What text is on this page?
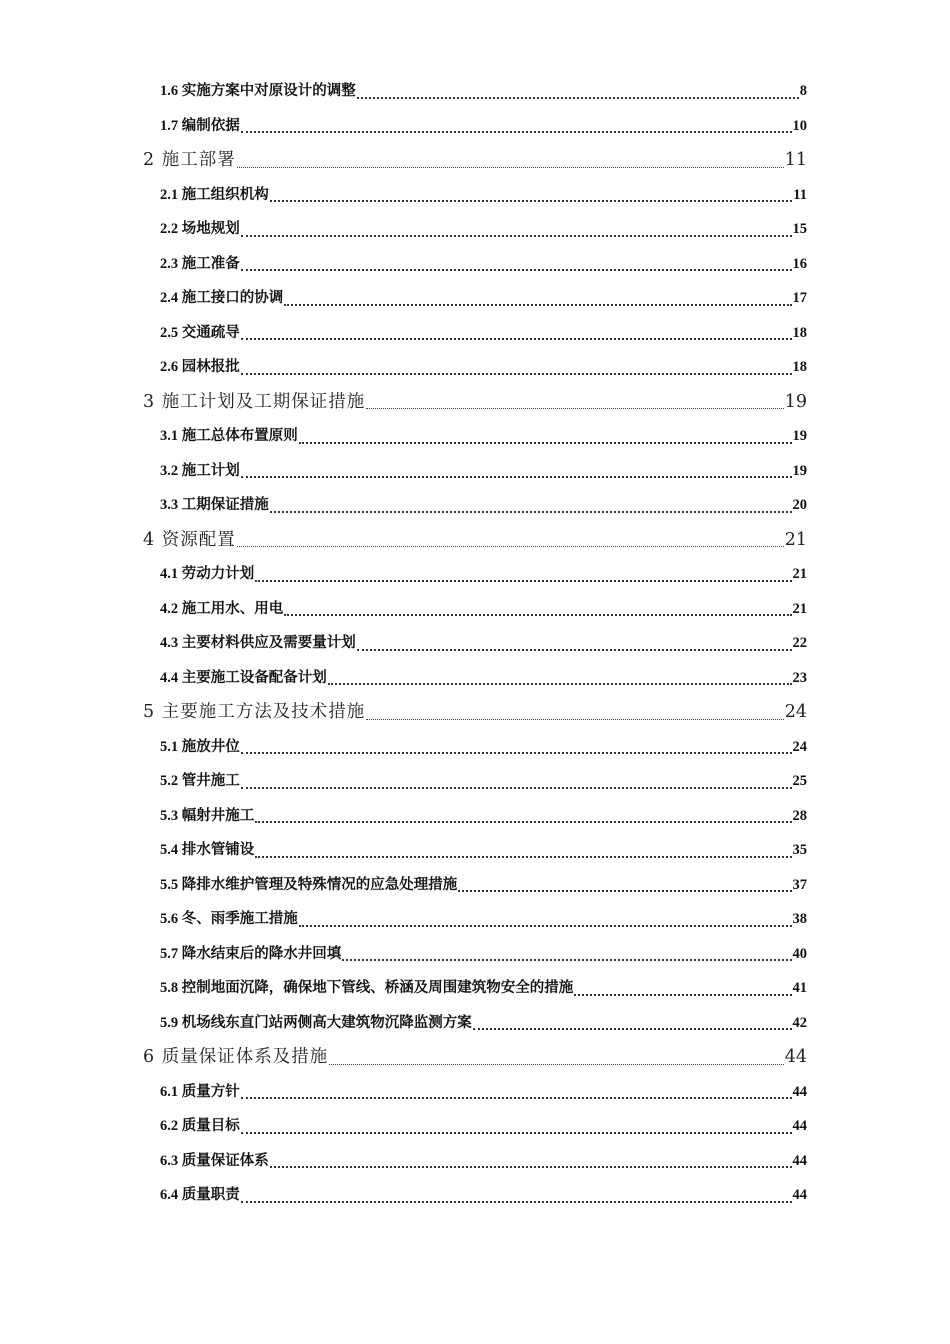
1.6 实施方案中对原设计的调整	8
1.7 编制依据	10
2 施工部署	11
2.1 施工组织机构	11
2.2 场地规划	15
2.3 施工准备	16
2.4 施工接口的协调	17
2.5 交通疏导	18
2.6 园林报批	18
3 施工计划及工期保证措施	19
3.1 施工总体布置原则	19
3.2 施工计划	19
3.3 工期保证措施	20
4 资源配置	21
4.1 劳动力计划	21
4.2 施工用水、用电	21
4.3 主要材料供应及需要量计划	22
4.4 主要施工设备配备计划	23
5 主要施工方法及技术措施	24
5.1 施放井位	24
5.2 管井施工	25
5.3 幅射井施工	28
5.4 排水管铺设	35
5.5 降排水维护管理及特殊情况的应急处理措施	37
5.6 冬、雨季施工措施	38
5.7 降水结束后的降水井回填	40
5.8 控制地面沉降，确保地下管线、桥涵及周围建筑物安全的措施	41
5.9 机场线东直门站两侧高大建筑物沉降监测方案	42
6 质量保证体系及措施	44
6.1 质量方针	44
6.2 质量目标	44
6.3 质量保证体系	44
6.4 质量职责	44
